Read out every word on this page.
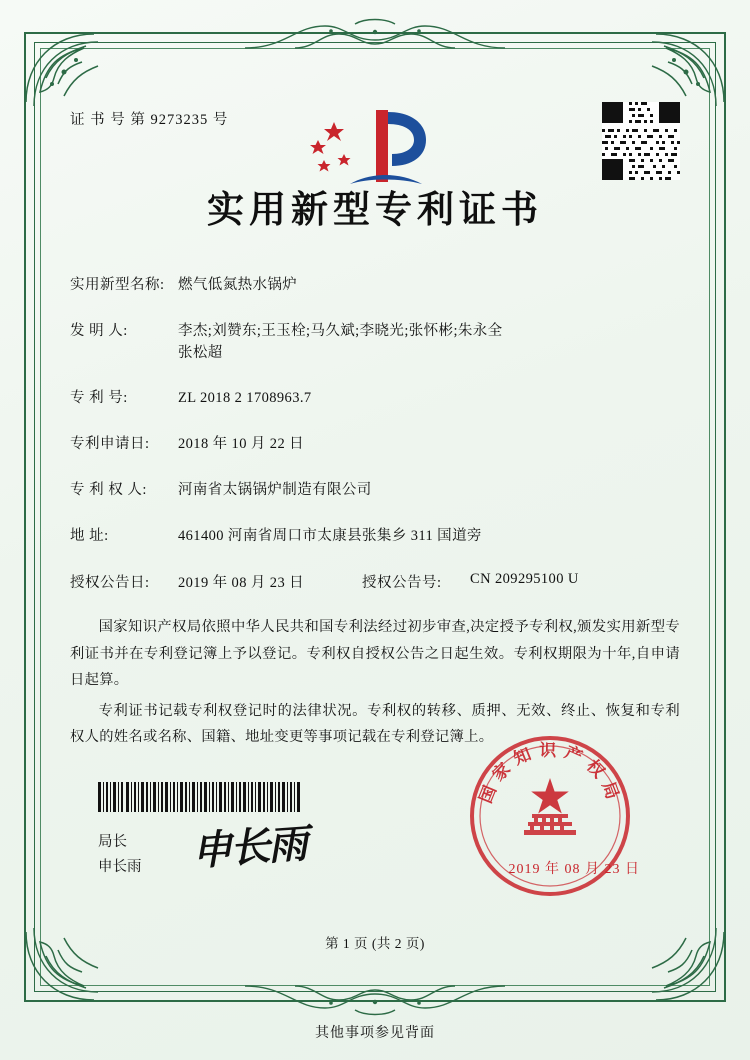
证 书 号 第 9273235 号
实用新型专利证书
实用新型名称: 燃气低氮热水锅炉
发 明 人:	李杰;刘赞东;王玉栓;马久斌;李晓光;张怀彬;朱永全
张松超
专 利 号:	ZL 2018 2 1708963.7
专利申请日:	2018 年 10 月 22 日
专 利 权 人:	河南省太锅锅炉制造有限公司
地 址:	461400 河南省周口市太康县张集乡 311 国道旁
授权公告日:	2019 年 08 月 23 日	授权公告号:	CN 209295100 U

国家知识产权局依照中华人民共和国专利法经过初步审查,决定授予专利权,颁发实用新型专利证书并在专利登记簿上予以登记。专利权自授权公告之日起生效。专利权期限为十年,自申请日起算。

专利证书记载专利权登记时的法律状况。专利权的转移、质押、无效、终止、恢复和专利权人的姓名或名称、国籍、地址变更等事项记载在专利登记簿上。

局长
申长雨 申长雨
国家知识产权局
2019 年 08 月 23 日
第 1 页 (共 2 页)
其他事项参见背面
